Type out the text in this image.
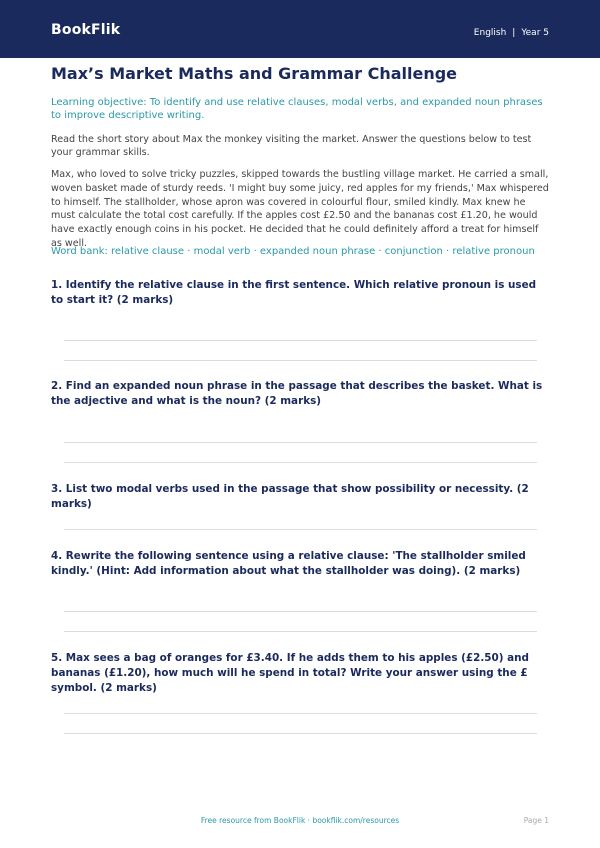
BookFlik	English | Year 5
Max’s Market Maths and Grammar Challenge

Learning objective: To identify and use relative clauses, modal verbs, and expanded noun phrases to improve descriptive writing.

Read the short story about Max the monkey visiting the market. Answer the questions below to test your grammar skills.

Max, who loved to solve tricky puzzles, skipped towards the bustling village market. He carried a small, woven basket made of sturdy reeds. 'I might buy some juicy, red apples for my friends,' Max whispered to himself. The stallholder, whose apron was covered in colourful flour, smiled kindly. Max knew he must calculate the total cost carefully. If the apples cost £2.50 and the bananas cost £1.20, he would have exactly enough coins in his pocket. He decided that he could definitely afford a treat for himself as well.

Word bank: relative clause · modal verb · expanded noun phrase · conjunction · relative pronoun

1. Identify the relative clause in the first sentence. Which relative pronoun is used to start it? (2 marks)

2. Find an expanded noun phrase in the passage that describes the basket. What is the adjective and what is the noun? (2 marks)

3. List two modal verbs used in the passage that show possibility or necessity. (2 marks)

4. Rewrite the following sentence using a relative clause: 'The stallholder smiled kindly.' (Hint: Add information about what the stallholder was doing). (2 marks)

5. Max sees a bag of oranges for £3.40. If he adds them to his apples (£2.50) and bananas (£1.20), how much will he spend in total? Write your answer using the £ symbol. (2 marks)

Free resource from BookFlik · bookflik.com/resources	Page 1
